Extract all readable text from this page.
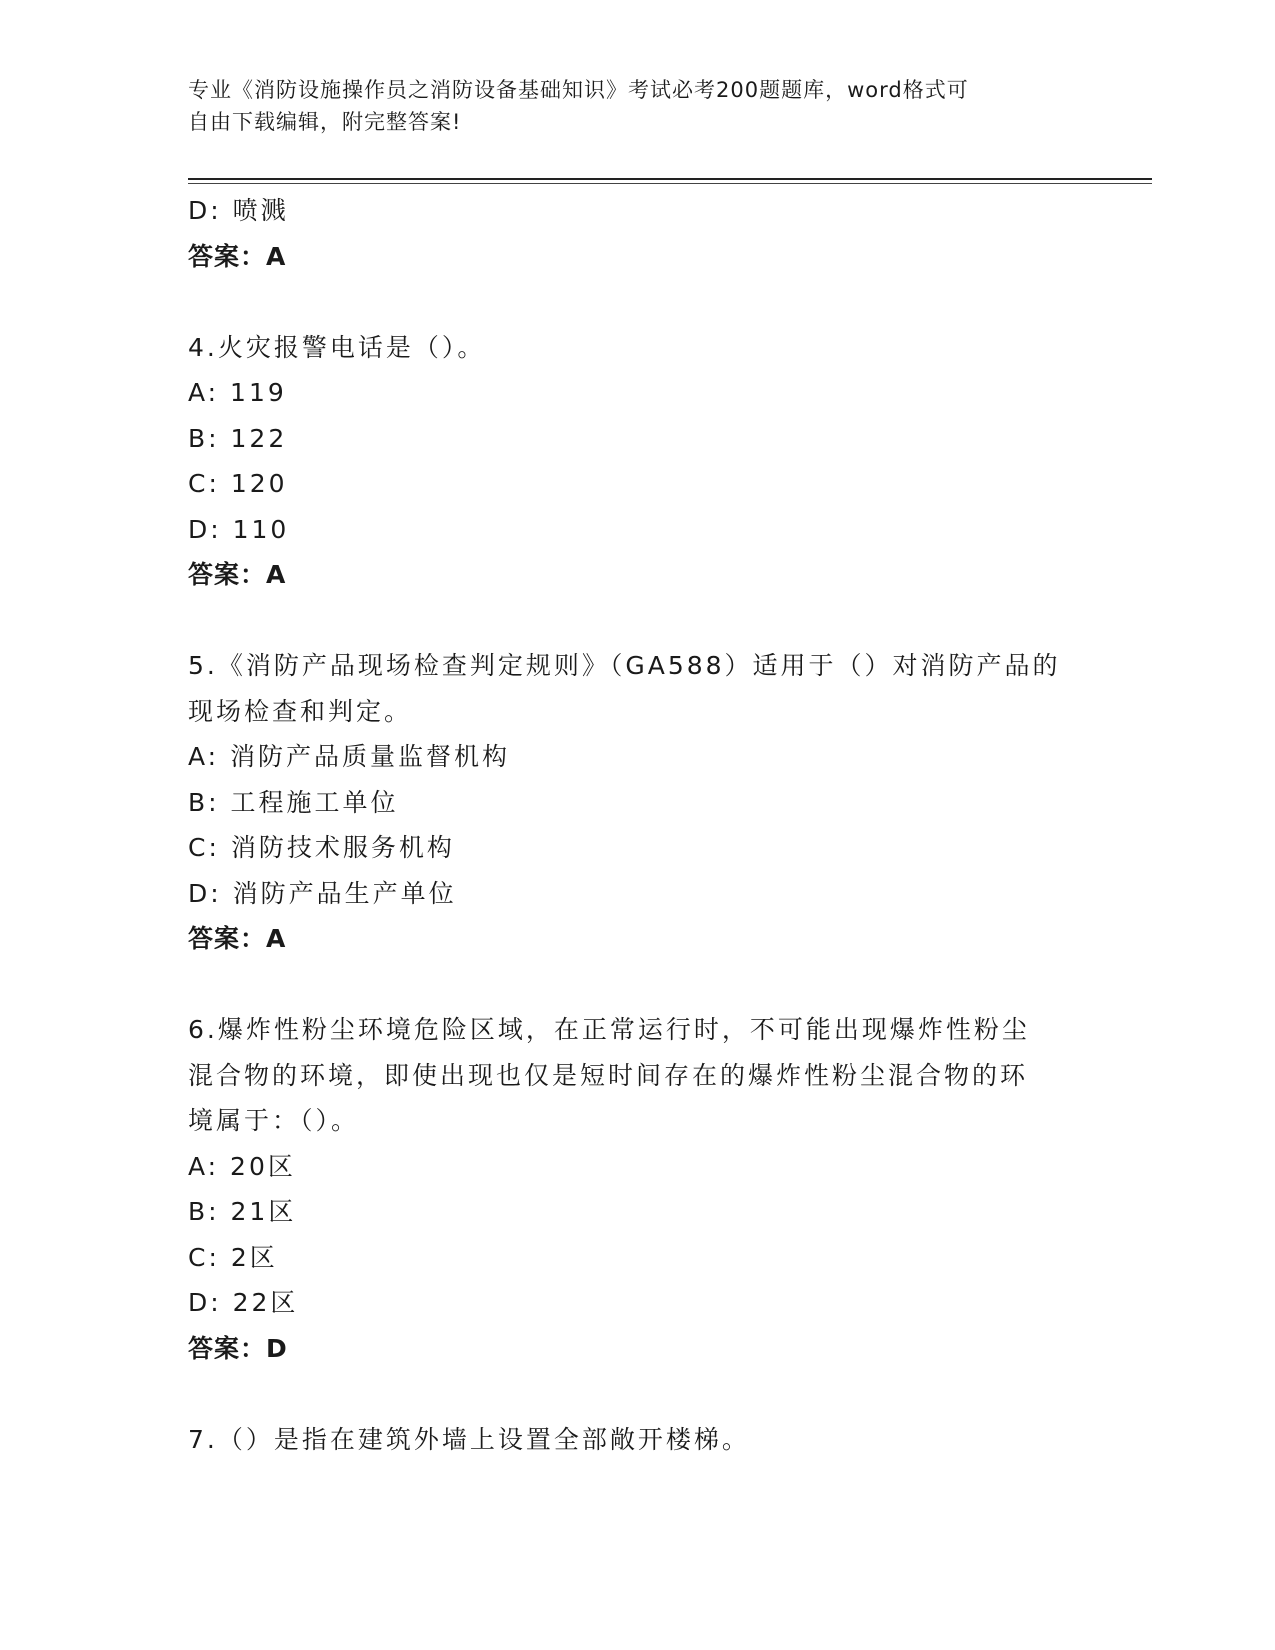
专业《消防设施操作员之消防设备基础知识》考试必考200题题库，word格式可
自由下载编辑，附完整答案!
D: 喷溅
答案：A
4.火灾报警电话是（）。
A: 119
B: 122
C: 120
D: 110
答案：A
5.《消防产品现场检查判定规则》（GA588）适用于（）对消防产品的
现场检查和判定。
A: 消防产品质量监督机构
B: 工程施工单位
C: 消防技术服务机构
D: 消防产品生产单位
答案：A
6.爆炸性粉尘环境危险区域，在正常运行时，不可能出现爆炸性粉尘
混合物的环境，即使出现也仅是短时间存在的爆炸性粉尘混合物的环
境属于：（）。
A: 20区
B: 21区
C: 2区
D: 22区
答案：D
7.（）是指在建筑外墙上设置全部敞开楼梯。
